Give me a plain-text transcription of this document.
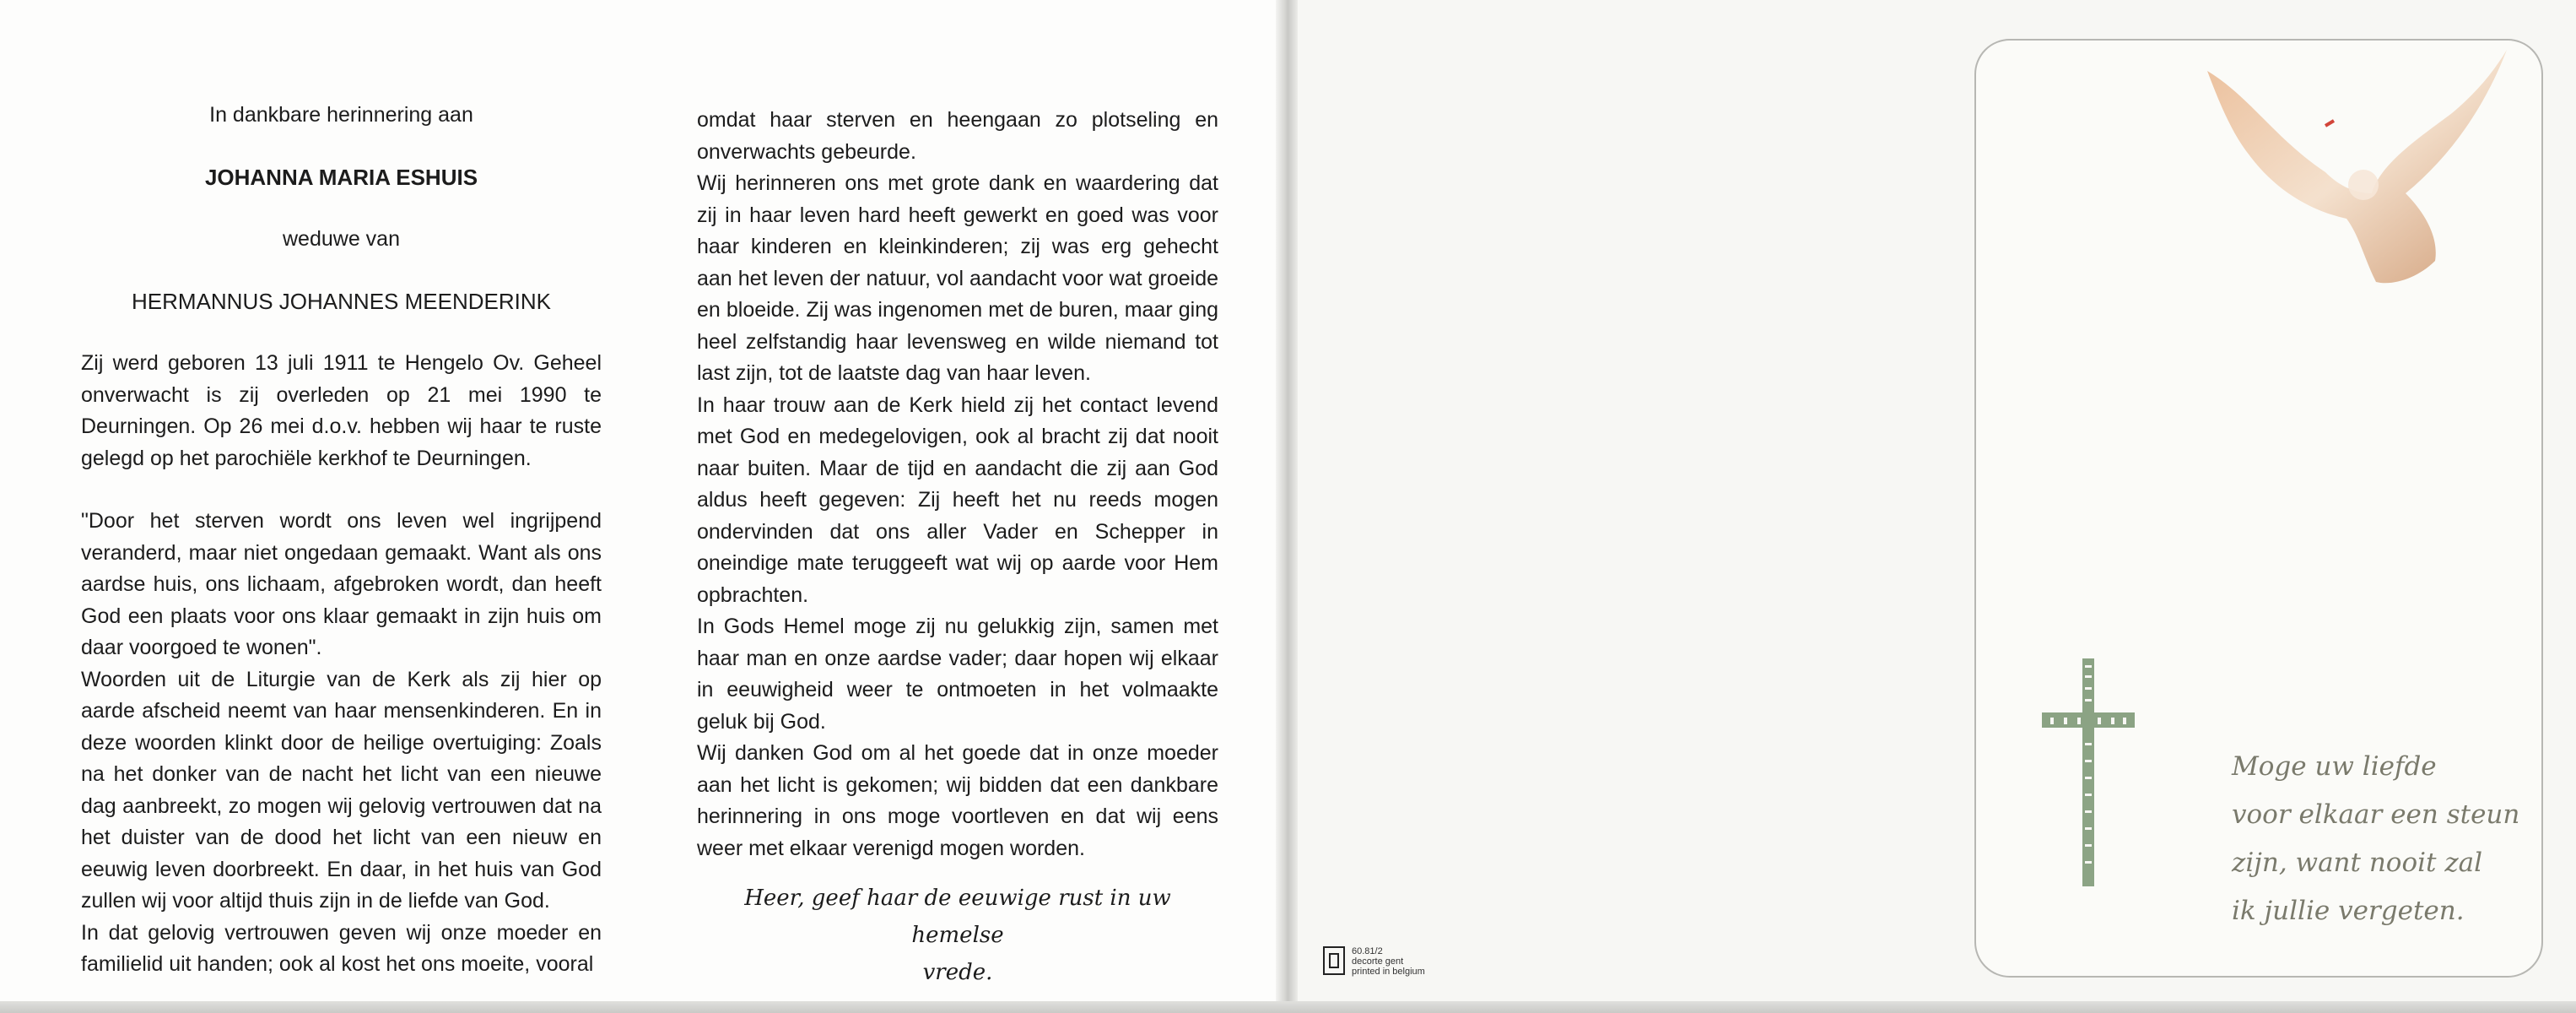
In dankbare herinnering aan
JOHANNA MARIA ESHUIS
weduwe van
HERMANNUS JOHANNES MEENDERINK

Zij werd geboren 13 juli 1911 te Hengelo Ov. Geheel onverwacht is zij overleden op 21 mei 1990 te Deurningen. Op 26 mei d.o.v. hebben wij haar te ruste gelegd op het parochiële kerkhof te Deurningen.

"Door het sterven wordt ons leven wel ingrijpend veranderd, maar niet ongedaan gemaakt. Want als ons aardse huis, ons lichaam, afgebroken wordt, dan heeft God een plaats voor ons klaar gemaakt in zijn huis om daar voorgoed te wonen".

Woorden uit de Liturgie van de Kerk als zij hier op aarde afscheid neemt van haar mensenkinderen. En in deze woorden klinkt door de heilige overtuiging: Zoals na het donker van de nacht het licht van een nieuwe dag aanbreekt, zo mogen wij gelovig vertrouwen dat na het duister van de dood het licht van een nieuw en eeuwig leven doorbreekt. En daar, in het huis van God zullen wij voor altijd thuis zijn in de liefde van God.

In dat gelovig vertrouwen geven wij onze moeder en familielid uit handen; ook al kost het ons moeite, vooral

omdat haar sterven en heengaan zo plotseling en onverwachts gebeurde.

Wij herinneren ons met grote dank en waardering dat zij in haar leven hard heeft gewerkt en goed was voor haar kinderen en kleinkinderen; zij was erg gehecht aan het leven der natuur, vol aandacht voor wat groeide en bloeide. Zij was ingenomen met de buren, maar ging heel zelfstandig haar levensweg en wilde niemand tot last zijn, tot de laatste dag van haar leven.

In haar trouw aan de Kerk hield zij het contact levend met God en medegelovigen, ook al bracht zij dat nooit naar buiten. Maar de tijd en aandacht die zij aan God aldus heeft gegeven: Zij heeft het nu reeds mogen ondervinden dat ons aller Vader en Schepper in oneindige mate teruggeeft wat wij op aarde voor Hem opbrachten.

In Gods Hemel moge zij nu gelukkig zijn, samen met haar man en onze aardse vader; daar hopen wij elkaar in eeuwigheid weer te ontmoeten in het volmaakte geluk bij God.

Wij danken God om al het goede dat in onze moeder aan het licht is gekomen; wij bidden dat een dankbare herinnering in ons moge voortleven en dat wij eens weer met elkaar verenigd mogen worden.

Heer, geef haar de eeuwige rust in uw hemelse
vrede.
Moge uw liefde
voor elkaar een steun
zijn, want nooit zal
ik jullie vergeten.
60.81/2
decorte gent
printed in belgium
